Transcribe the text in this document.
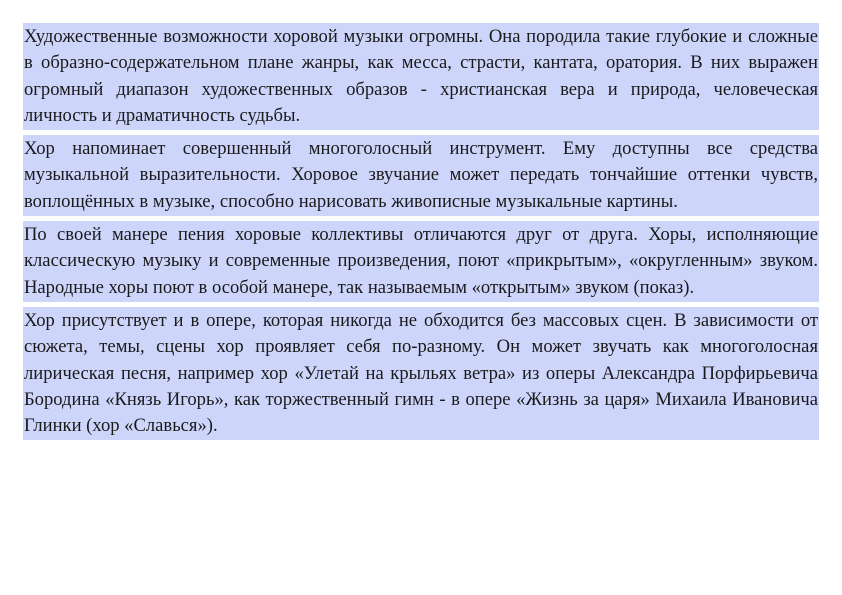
Художественные возможности хоровой музыки огромны. Она породила такие глубокие и сложные в образно-содержательном плане жанры, как месса, страсти, кантата, оратория. В них выражен огромный диапазон художественных образов - христианская вера и природа, человеческая личность и драматичность судьбы.

Хор напоминает совершенный многоголосный инструмент. Ему доступны все средства музыкальной выразительности. Хоровое звучание может передать тончайшие оттенки чувств, воплощённых в музыке, способно нарисовать живописные музыкальные картины.

По своей манере пения хоровые коллективы отличаются друг от друга. Хоры, исполняющие классическую музыку и современные произведения, поют «прикрытым», «округленным» звуком. Народные хоры поют в особой манере, так называемым «открытым» звуком (показ).

Хор присутствует и в опере, которая никогда не обходится без массовых сцен. В зависимости от сюжета, темы, сцены хор проявляет себя по-разному. Он может звучать как многоголосная лирическая песня, например хор «Улетай на крыльях ветра» из оперы Александра Порфирьевича Бородина «Князь Игорь», как торжественный гимн - в опере «Жизнь за царя» Михаила Ивановича Глинки (хор «Славься»).
